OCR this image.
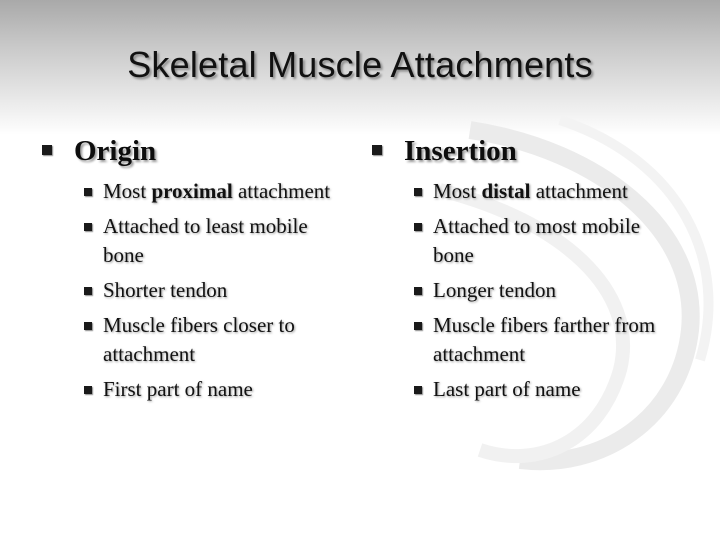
Skeletal Muscle Attachments
Origin
Most proximal attachment
Attached to least mobile bone
Shorter tendon
Muscle fibers closer to attachment
First part of name
Insertion
Most distal attachment
Attached to most mobile bone
Longer tendon
Muscle fibers farther from attachment
Last part of name
